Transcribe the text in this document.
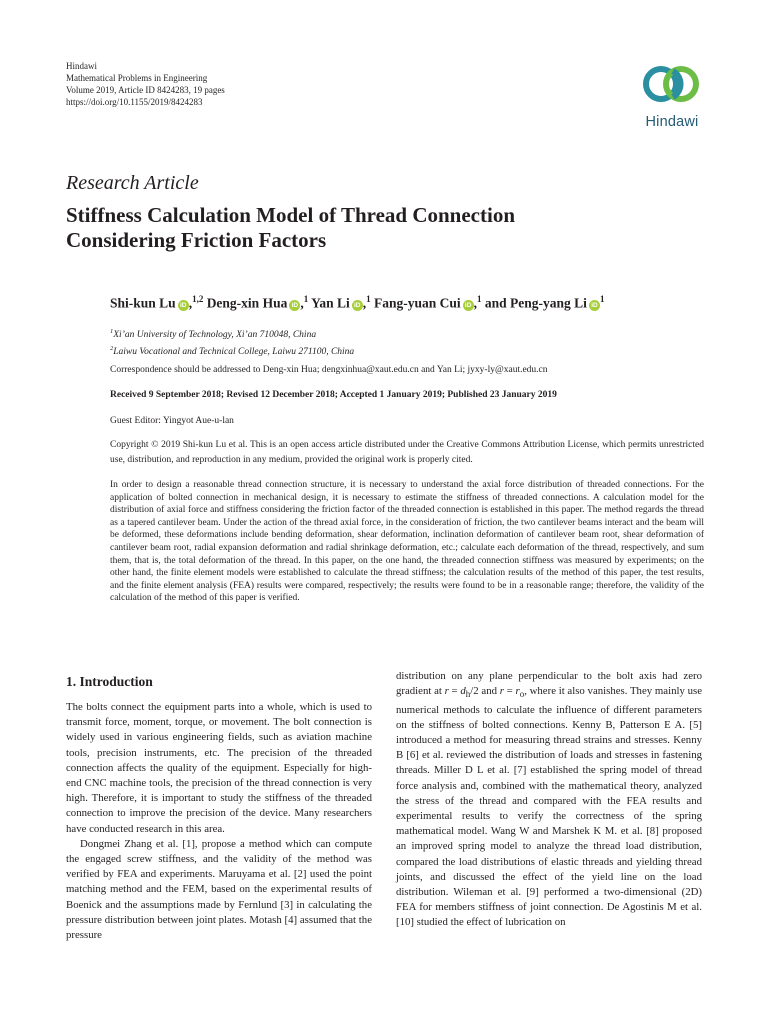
Hindawi
Mathematical Problems in Engineering
Volume 2019, Article ID 8424283, 19 pages
https://doi.org/10.1155/2019/8424283
Hindawi
Research Article
Stiffness Calculation Model of Thread Connection
Considering Friction Factors
Shi-kun Lu iD ,$^{1,2}$ Deng-xin Hua iD ,$^1$ Yan Li iD ,$^1$ Fang-yuan Cui iD ,$^1$ and Peng-yang Li $iD^1$
$^1$Xi’an University of Technology, Xi’an 710048, China
$^2$Laiwu Vocational and Technical College, Laiwu 271100, China
Correspondence should be addressed to Deng-xin Hua; dengxinhua@xaut.edu.cn and Yan Li; jyxy-ly@xaut.edu.cn
Received 9 September 2018; Revised 12 December 2018; Accepted 1 January 2019; Published 23 January 2019
Guest Editor: Yingyot Aue-u-lan
Copyright © 2019 Shi-kun Lu et al. This is an open access article distributed under the Creative Commons Attribution License, which permits unrestricted use, distribution, and reproduction in any medium, provided the original work is properly cited.
In order to design a reasonable thread connection structure, it is necessary to understand the axial force distribution of threaded connections. For the application of bolted connection in mechanical design, it is necessary to estimate the stiffness of threaded connections. A calculation model for the distribution of axial force and stiffness considering the friction factor of the threaded connection is established in this paper. The method regards the thread as a tapered cantilever beam. Under the action of the thread axial force, in the consideration of friction, the two cantilever beams interact and the beam will be deformed, these deformations include bending deformation, shear deformation, inclination deformation of cantilever beam root, shear deformation of cantilever beam root, radial expansion deformation and radial shrinkage deformation, etc.; calculate each deformation of the thread, respectively, and sum them, that is, the total deformation of the thread. In this paper, on the one hand, the threaded connection stiffness was measured by experiments; on the other hand, the finite element models were established to calculate the thread stiffness; the calculation results of the method of this paper, the test results, and the finite element analysis (FEA) results were compared, respectively; the results were found to be in a reasonable range; therefore, the validity of the calculation of the method of this paper is verified.
1. Introduction

The bolts connect the equipment parts into a whole, which is used to transmit force, moment, torque, or movement. The bolt connection is widely used in various engineering fields, such as aviation machine tools, precision instruments, etc. The precision of the threaded connection affects the quality of the equipment. Especially for high-end CNC machine tools, the precision of the thread connection is very high. Therefore, it is important to study the stiffness of the threaded connection to improve the precision of the device. Many researchers have conducted research in this area.

Dongmei Zhang et al. [1], propose a method which can compute the engaged screw stiffness, and the validity of the method was verified by FEA and experiments. Maruyama et al. [2] used the point matching method and the FEM, based on the experimental results of Boenick and the assumptions made by Fernlund [3] in calculating the pressure distribution between joint plates. Motash [4] assumed that the pressure

distribution on any plane perpendicular to the bolt axis had zero gradient at $r = d_h/2$ and $r = r_o$, where it also vanishes. They mainly use numerical methods to calculate the influence of different parameters on the stiffness of bolted connections. Kenny B, Patterson E A. [5] introduced a method for measuring thread strains and stresses. Kenny B [6] et al. reviewed the distribution of loads and stresses in fastening threads. Miller D L et al. [7] established the spring model of thread force analysis and, combined with the mathematical theory, analyzed the stress of the thread and compared with the FEA results and experimental results to verify the correctness of the spring mathematical model. Wang W and Marshek K M. et al. [8] proposed an improved spring model to analyze the thread load distribution, compared the load distributions of elastic threads and yielding thread joints, and discussed the effect of the yield line on the load distribution. Wileman et al. [9] performed a two-dimensional (2D) FEA for members stiffness of joint connection. De Agostinis M et al. [10] studied the effect of lubrication on
